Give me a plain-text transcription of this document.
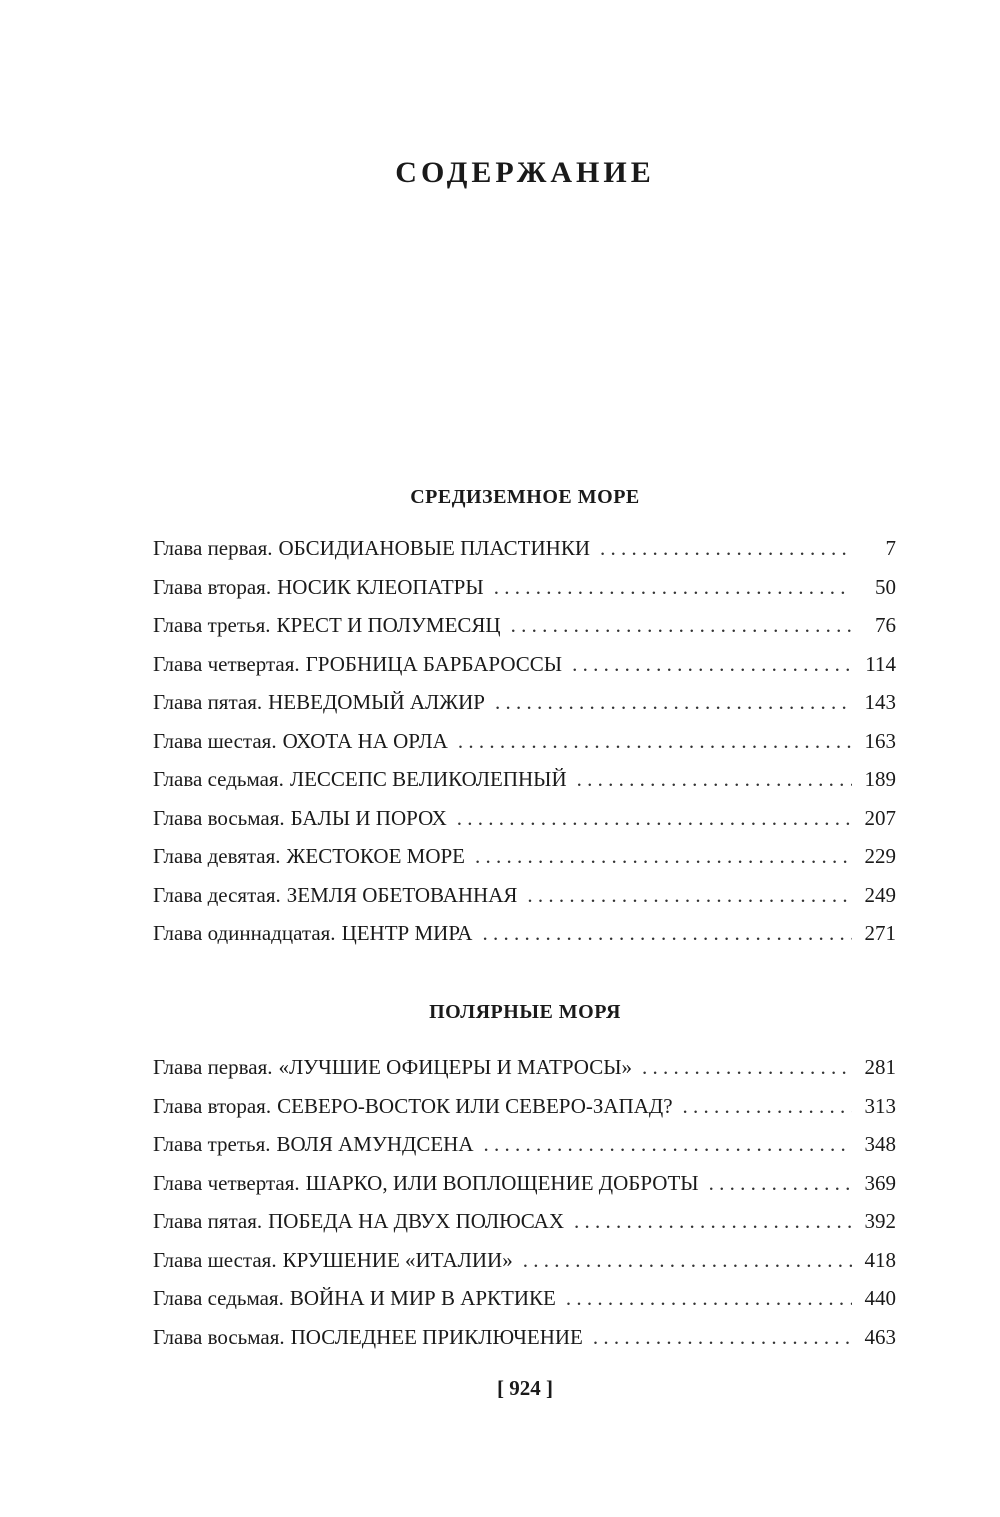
СОДЕРЖАНИЕ
СРЕДИЗЕМНОЕ МОРЕ
Глава первая. ОБСИДИАНОВЫЕ ПЛАСТИНКИ . . .	7
Глава вторая. НОСИК КЛЕОПАТРЫ . . .	50
Глава третья. КРЕСТ И ПОЛУМЕСЯЦ . . .	76
Глава четвертая. ГРОБНИЦА БАРБАРОССЫ . . .	114
Глава пятая. НЕВЕДОМЫЙ АЛЖИР . . .	143
Глава шестая. ОХОТА НА ОРЛА . . .	163
Глава седьмая. ЛЕССЕПС ВЕЛИКОЛЕПНЫЙ . . .	189
Глава восьмая. БАЛЫ И ПОРОХ . . .	207
Глава девятая. ЖЕСТОКОЕ МОРЕ . . .	229
Глава десятая. ЗЕМЛЯ ОБЕТОВАННАЯ . . .	249
Глава одиннадцатая. ЦЕНТР МИРА . . .	271
ПОЛЯРНЫЕ МОРЯ
Глава первая. «ЛУЧШИЕ ОФИЦЕРЫ И МАТРОСЫ» . . .	281
Глава вторая. СЕВЕРО-ВОСТОК ИЛИ СЕВЕРО-ЗАПАД? . . .	313
Глава третья. ВОЛЯ АМУНДСЕНА . . .	348
Глава четвертая. ШАРКО, ИЛИ ВОПЛОЩЕНИЕ ДОБРОТЫ . . .	369
Глава пятая. ПОБЕДА НА ДВУХ ПОЛЮСАХ . . .	392
Глава шестая. КРУШЕНИЕ «ИТАЛИИ» . . .	418
Глава седьмая. ВОЙНА И МИР В АРКТИКЕ . . .	440
Глава восьмая. ПОСЛЕДНЕЕ ПРИКЛЮЧЕНИЕ . . .	463

[ 924 ]
